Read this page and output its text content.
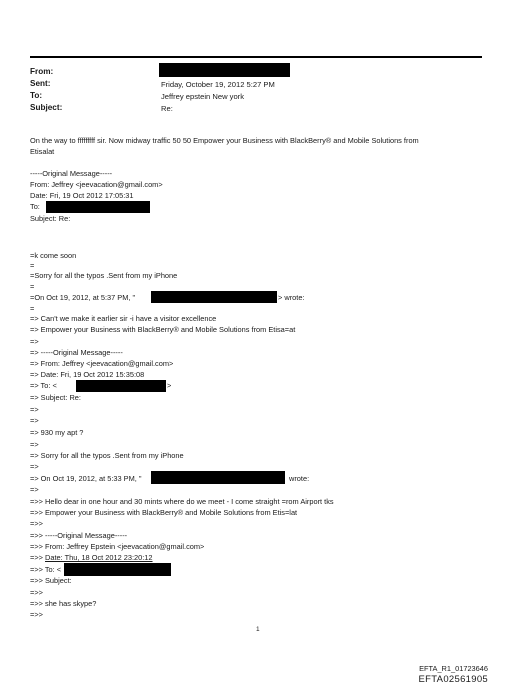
From:
Sent:	Friday, October 19, 2012 5:27 PM
To:	Jeffrey epstein New york
Subject:	Re:
On the way to fffffffff sir. Now midway traffic 50 50 Empower your Business with BlackBerry® and Mobile Solutions from
Etisalat
-----Original Message-----
From: Jeffrey <jeevacation@gmail.com>
Date: Fri, 19 Oct 2012 17:05:31
To:
Subject: Re:
=k come soon
=
=Sorry for all the typos .Sent from my iPhone
=
=On Oct 19, 2012, at 5:37 PM, "	> wrote:
=
=> Can't we make it earlier sir -i have a visitor excellence
=> Empower your Business with BlackBerry® and Mobile Solutions from Etisa=at
=>
=> -----Original Message-----
=> From: Jeffrey <jeevacation@gmail.com>
=> Date: Fri, 19 Oct 2012 15:35:08
=> To: <	>
=> Subject: Re:
=>
=>
=> 930 my apt ?
=>
=> Sorry for all the typos .Sent from my iPhone
=>
=> On Oct 19, 2012, at 5:33 PM, "	wrote:
=>
=>> Hello dear in one hour and 30 mints where do we meet - I come straight =rom Airport tks
=>> Empower your Business with BlackBerry® and Mobile Solutions from Etis=lat
=>>
=>> -----Original Message-----
=>> From: Jeffrey Epstein <jeevacation@gmail.com>
=>> Date: Thu, 18 Oct 2012 23:20:12
=>> To: <
=>> Subject:
=>>
=>> she has skype?
=>>
1
EFTA_R1_01723646
EFTA02561905
